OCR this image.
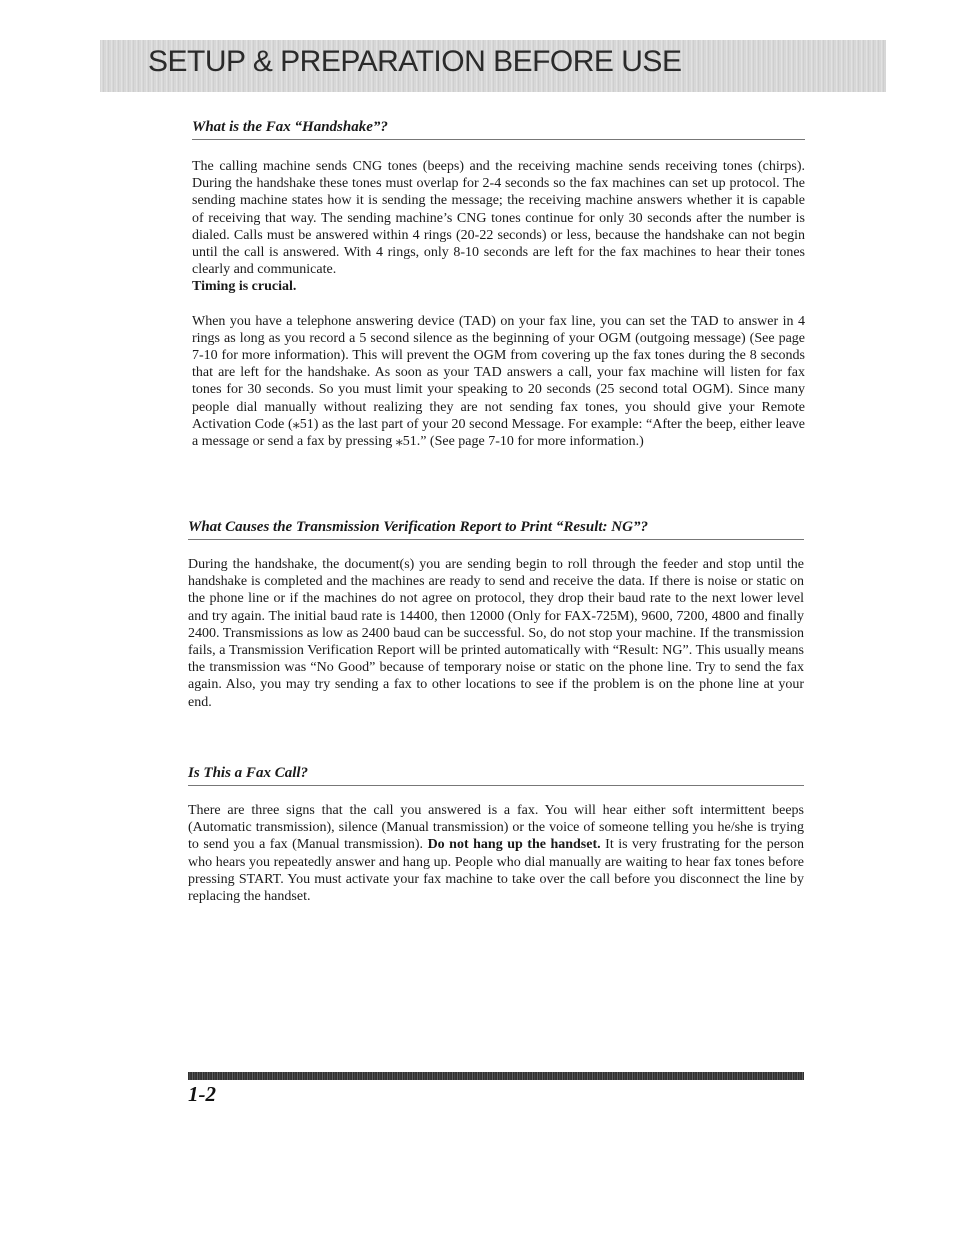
SETUP & PREPARATION BEFORE USE
What is the Fax “Handshake”?

The calling machine sends CNG tones (beeps) and the receiving machine sends receiving tones (chirps). During the handshake these tones must overlap for 2-4 seconds so the fax machines can set up protocol. The sending machine states how it is sending the message; the receiving machine answers whether it is capable of receiving that way. The sending machine’s CNG tones continue for only 30 seconds after the number is dialed. Calls must be answered within 4 rings (20-22 seconds) or less, because the handshake can not begin until the call is answered. With 4 rings, only 8-10 seconds are left for the fax machines to hear their tones clearly and communicate.

Timing is crucial.

When you have a telephone answering device (TAD) on your fax line, you can set the TAD to answer in 4 rings as long as you record a 5 second silence as the beginning of your OGM (outgoing message) (See page 7-10 for more information). This will prevent the OGM from covering up the fax tones during the 8 seconds that are left for the handshake. As soon as your TAD answers a call, your fax machine will listen for fax tones for 30 seconds. So you must limit your speaking to 20 seconds (25 second total OGM). Since many people dial manually without realizing they are not sending fax tones, you should give your Remote Activation Code (⁎51) as the last part of your 20 second Message. For example: “After the beep, either leave a message or send a fax by pressing ⁎51.” (See page 7-10 for more information.)

What Causes the Transmission Verification Report to Print “Result: NG”?

During the handshake, the document(s) you are sending begin to roll through the feeder and stop until the handshake is completed and the machines are ready to send and receive the data. If there is noise or static on the phone line or if the machines do not agree on protocol, they drop their baud rate to the next lower level and try again. The initial baud rate is 14400, then 12000 (Only for FAX-725M), 9600, 7200, 4800 and finally 2400. Transmissions as low as 2400 baud can be successful. So, do not stop your machine. If the transmission fails, a Transmission Verification Report will be printed automatically with “Result: NG”. This usually means the transmission was “No Good” because of temporary noise or static on the phone line. Try to send the fax again. Also, you may try sending a fax to other locations to see if the problem is on the phone line at your end.

Is This a Fax Call?

There are three signs that the call you answered is a fax. You will hear either soft intermittent beeps (Automatic transmission), silence (Manual transmission) or the voice of someone telling you he/she is trying to send you a fax (Manual transmission). Do not hang up the handset. It is very frustrating for the person who hears you repeatedly answer and hang up. People who dial manually are waiting to hear fax tones before pressing START. You must activate your fax machine to take over the call before you disconnect the line by replacing the handset.

1-2
